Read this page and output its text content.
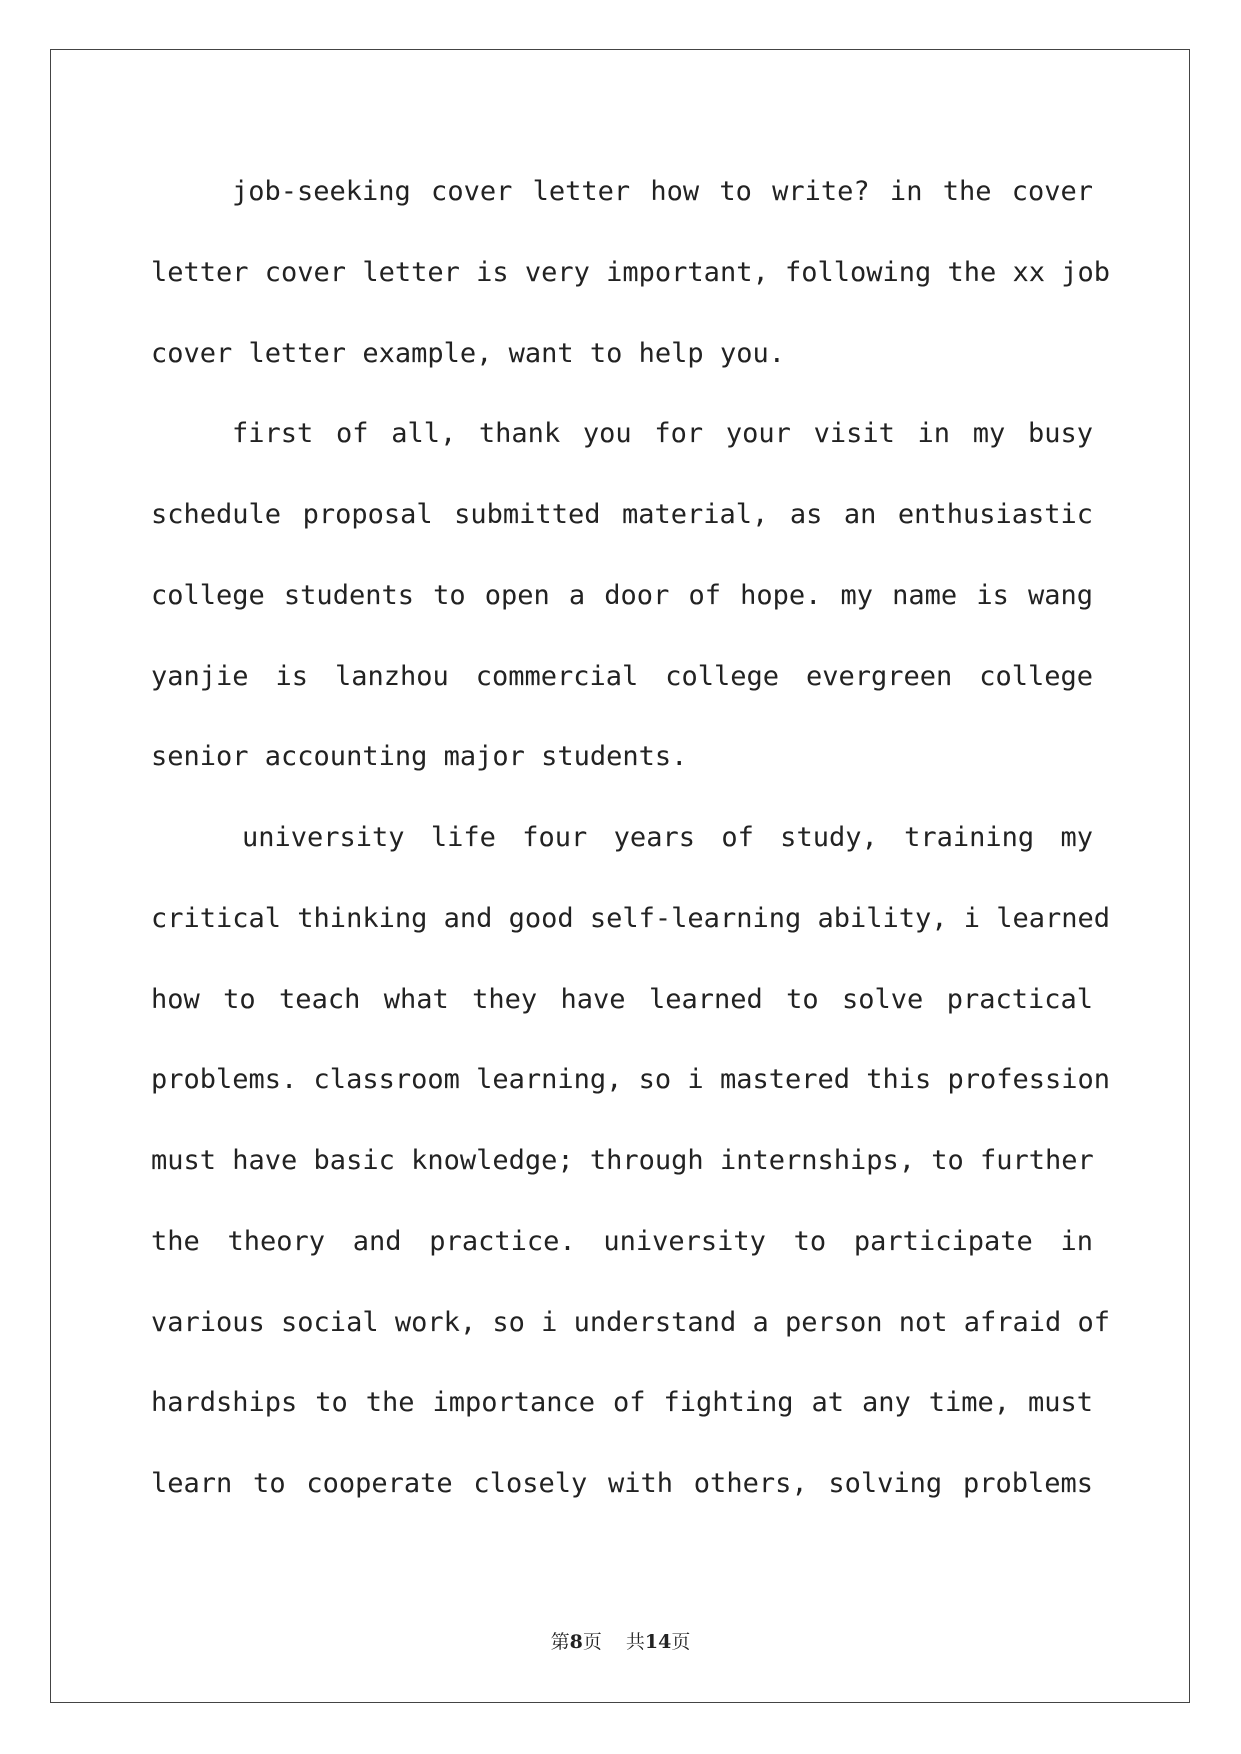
job-seeking cover letter how to write? in the cover
letter cover letter is very important, following the xx job
cover letter example, want to help you.
first of all, thank you for your visit in my busy
schedule proposal submitted material, as an enthusiastic
college students to open a door of hope. my name is wang
yanjie is lanzhou commercial college evergreen college
senior accounting major students.
university life four years of study, training my
critical thinking and good self-learning ability, i learned
how to teach what they have learned to solve practical
problems. classroom learning, so i mastered this profession
must have basic knowledge; through internships, to further
the theory and practice. university to participate in
various social work, so i understand a person not afraid of
hardships to the importance of fighting at any time, must
learn to cooperate closely with others, solving problems
第8页 共14页
